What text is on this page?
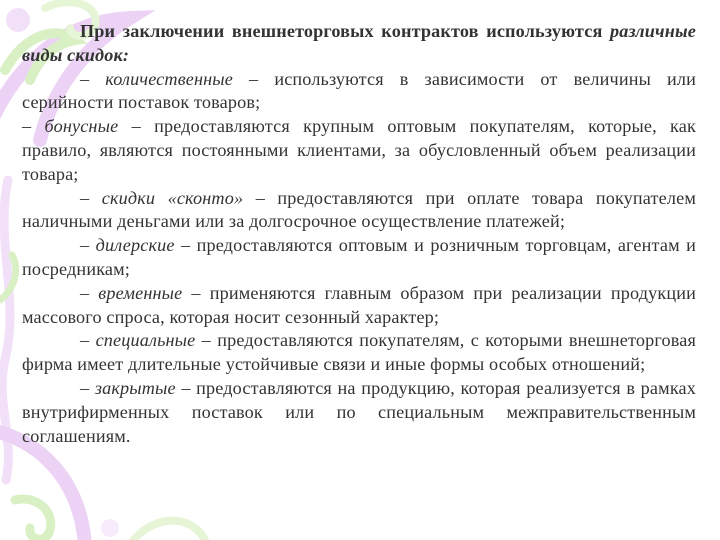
При заключении внешнеторговых контрактов используются различные виды скидок:

– количественные – используются в зависимости от величины или серийности поставок товаров;

– бонусные – предоставляются крупным оптовым покупателям, которые, как правило, являются постоянными клиентами, за обусловленный объем реализации товара;

– скидки «сконто» – предоставляются при оплате товара покупателем наличными деньгами или за долгосрочное осуществление платежей;

– дилерские – предоставляются оптовым и розничным торговцам, агентам и посредникам;

– временные – применяются главным образом при реализации продукции массового спроса, которая носит сезонный характер;

– специальные – предоставляются покупателям, с которыми внешнеторговая фирма имеет длительные устойчивые связи и иные формы особых отношений;

– закрытые – предоставляются на продукцию, которая реализуется в рамках внутрифирменных поставок или по специальным межправительственным соглашениям.
